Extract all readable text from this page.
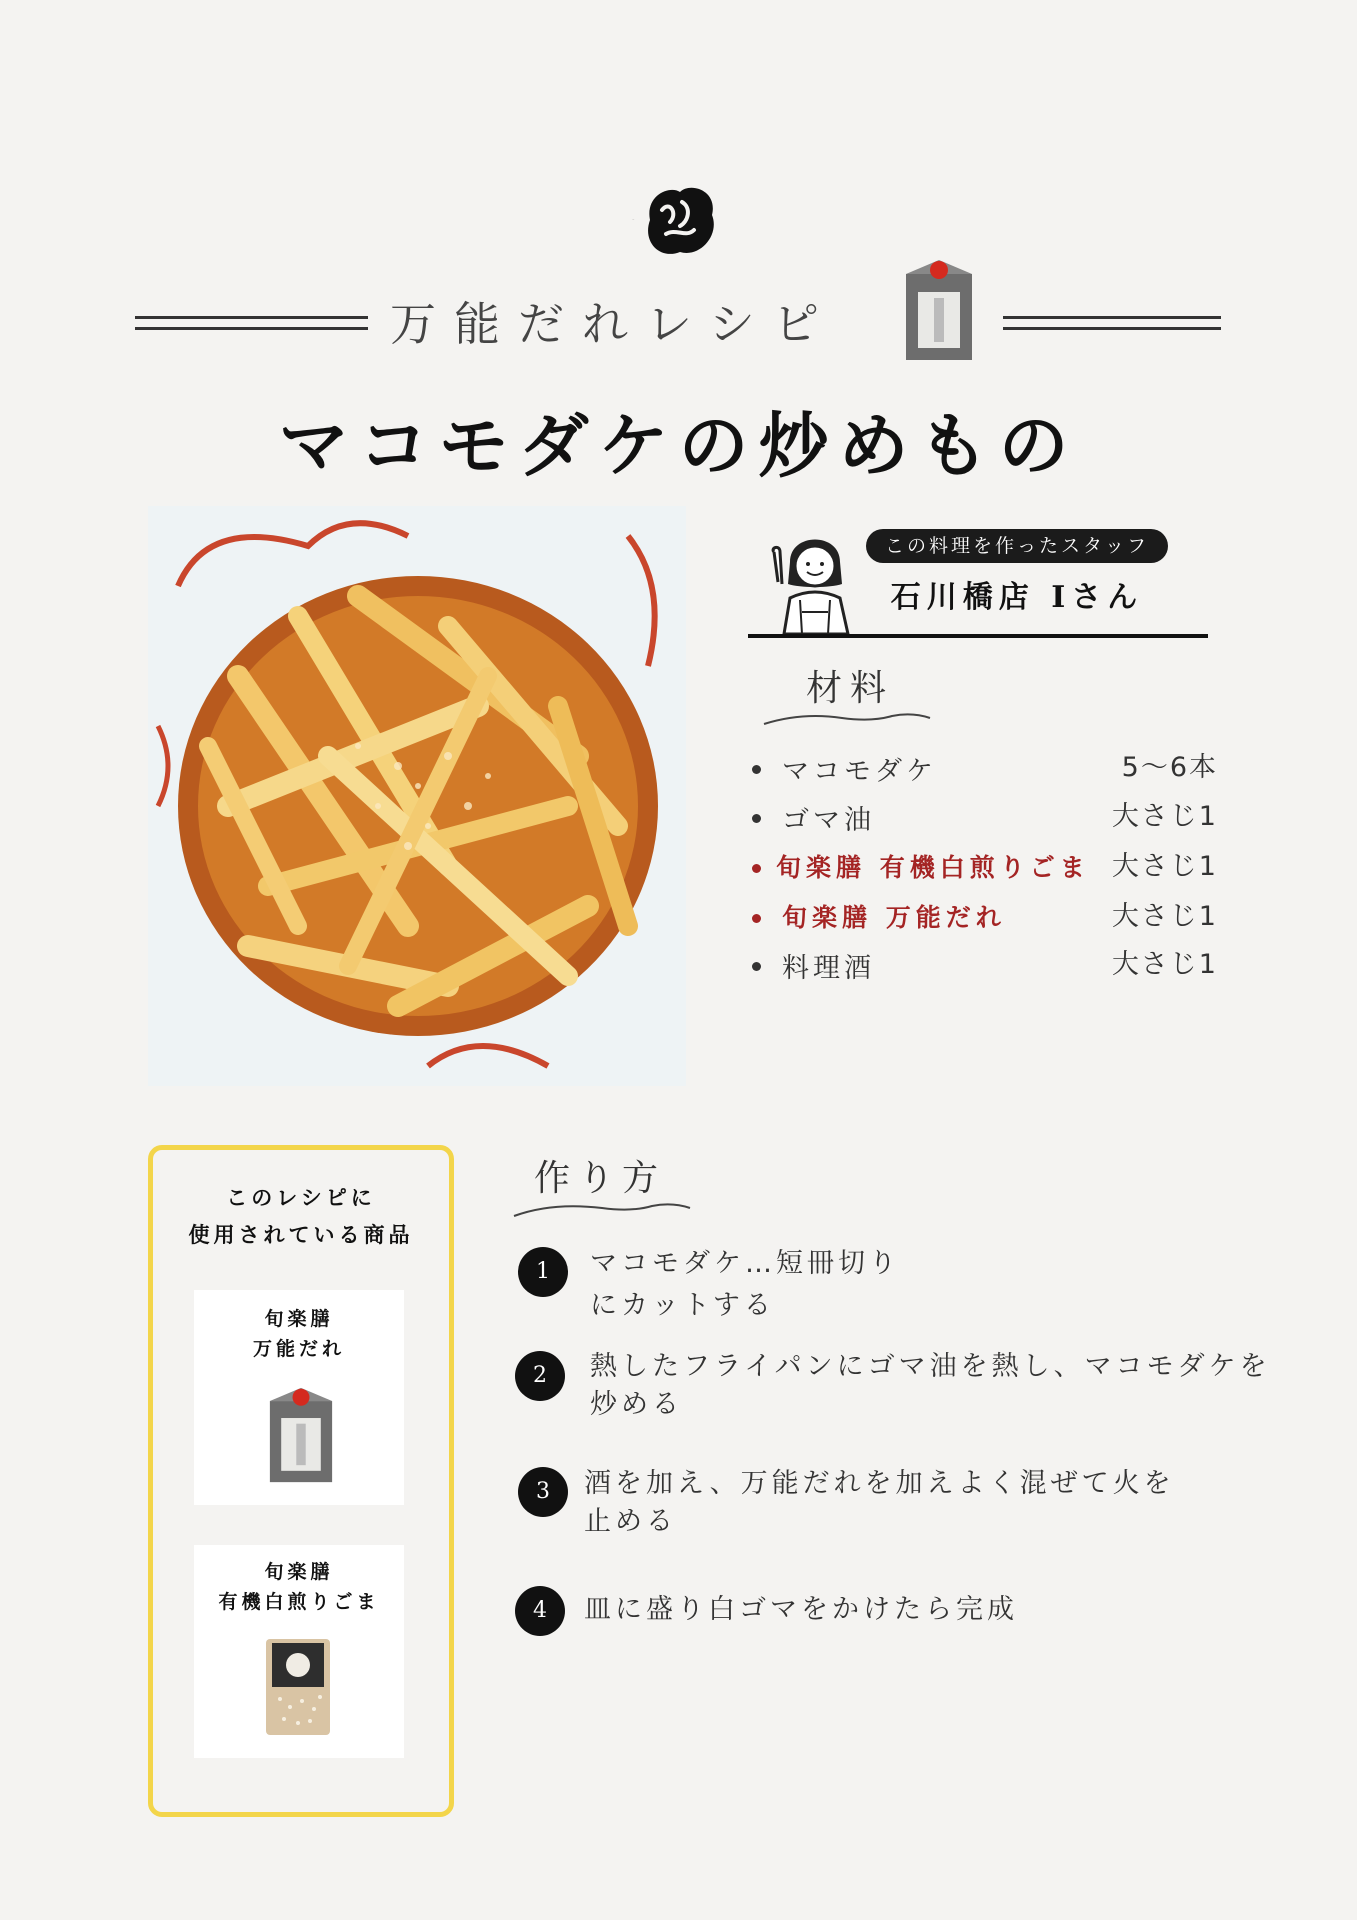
万能だれレシピ
マコモダケの炒めもの
この料理を作ったスタッフ
石川橋店 Iさん
材料
マコモダケ	5〜6本
ゴマ油	大さじ1
旬楽膳 有機白煎りごま 大さじ1
旬楽膳 万能だれ	大さじ1
料理酒	大さじ1
このレシピに
使用されている商品
旬楽膳
万能だれ
旬楽膳
有機白煎りごま
作り方
1	マコモダケ…短冊切り
にカットする
2	熱したフライパンにゴマ油を熱し、マコモダケを
炒める
3	酒を加え、万能だれを加えよく混ぜて火を
止める
4	皿に盛り白ゴマをかけたら完成
